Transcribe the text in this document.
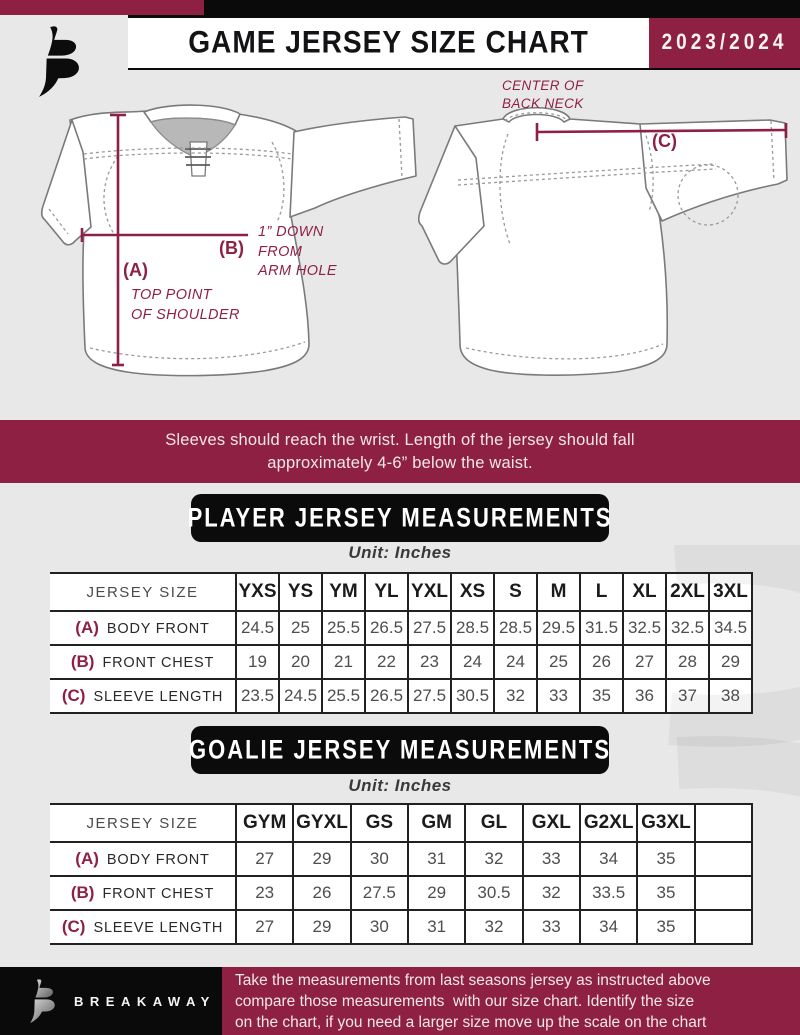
GAME JERSEY SIZE CHART	2023/2024
(A)
TOP POINT
OF SHOULDER
(B)
1” DOWN
FROM
ARM HOLE
CENTER OF
BACK NECK
(C)
Sleeves should reach the wrist. Length of the jersey should fall
approximately 4-6” below the waist.
PLAYER JERSEY MEASUREMENTS
Unit: Inches
JERSEY SIZE	YXS	YS	YM	YL	YXL	XS	S	M	L	XL	2XL	3XL
(A) BODY FRONT	24.5	25	25.5	26.5	27.5	28.5	28.5	29.5	31.5	32.5	32.5	34.5
(B) FRONT CHEST	19	20	21	22	23	24	24	25	26	27	28	29
(C) SLEEVE LENGTH	23.5	24.5	25.5	26.5	27.5	30.5	32	33	35	36	37	38
GOALIE JERSEY MEASUREMENTS
Unit: Inches
JERSEY SIZE	GYM	GYXL	GS	GM	GL	GXL	G2XL	G3XL	
(A) BODY FRONT	27	29	30	31	32	33	34	35	
(B) FRONT CHEST	23	26	27.5	29	30.5	32	33.5	35	
(C) SLEEVE LENGTH	27	29	30	31	32	33	34	35	
BREAKAWAY
Take the measurements from last seasons jersey as instructed above
compare those measurements  with our size chart. Identify the size
on the chart, if you need a larger size move up the scale on the chart
